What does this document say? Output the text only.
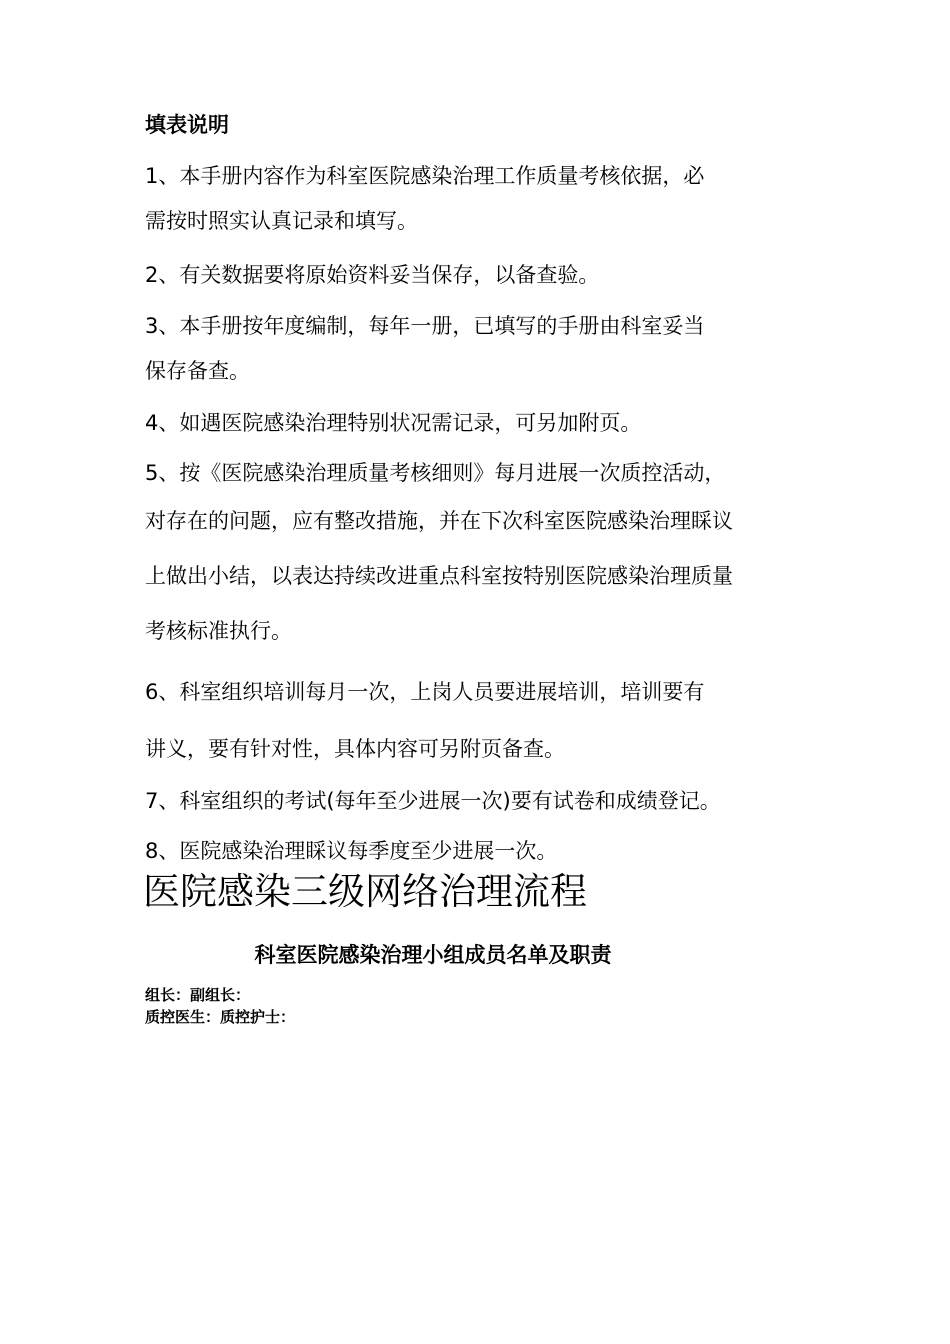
填表说明
1、本手册内容作为科室医院感染治理工作质量考核依据，必
需按时照实认真记录和填写。
2、有关数据要将原始资料妥当保存，以备查验。
3、本手册按年度编制，每年一册，已填写的手册由科室妥当
保存备查。
4、如遇医院感染治理特别状况需记录，可另加附页。
5、按《医院感染治理质量考核细则》每月进展一次质控活动，
对存在的问题，应有整改措施，并在下次科室医院感染治理睬议
上做出小结，以表达持续改进重点科室按特别医院感染治理质量
考核标准执行。
6、科室组织培训每月一次，上岗人员要进展培训，培训要有
讲义，要有针对性，具体内容可另附页备查。
7、科室组织的考试(每年至少进展一次)要有试卷和成绩登记。
8、医院感染治理睬议每季度至少进展一次。
医院感染三级网络治理流程
科室医院感染治理小组成员名单及职责
组长：副组长：
质控医生：质控护士：
